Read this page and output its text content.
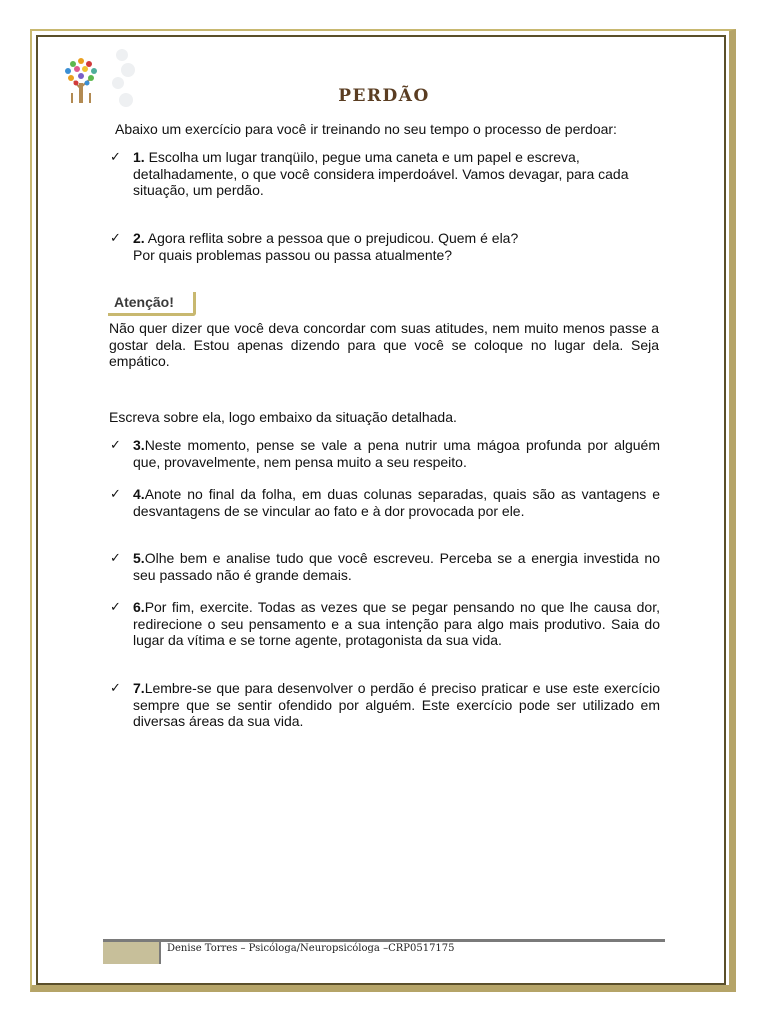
PERDÃO
Abaixo um exercício para você ir treinando no seu tempo o processo de perdoar:
✓ 1. Escolha um lugar tranqüilo, pegue uma caneta e um papel e escreva, detalhadamente, o que você considera imperdoável. Vamos devagar, para cada situação, um perdão.
✓ 2. Agora reflita sobre a pessoa que o prejudicou. Quem é ela?
Por quais problemas passou ou passa atualmente?
Atenção!
Não quer dizer que você deva concordar com suas atitudes, nem muito menos passe a gostar dela. Estou apenas dizendo para que você se coloque no lugar dela. Seja empático.
Escreva sobre ela, logo embaixo da situação detalhada.
✓ 3.Neste momento, pense se vale a pena nutrir uma mágoa profunda por alguém que, provavelmente, nem pensa muito a seu respeito.
✓ 4.Anote no final da folha, em duas colunas separadas, quais são as vantagens e desvantagens de se vincular ao fato e à dor provocada por ele.
✓ 5.Olhe bem e analise tudo que você escreveu. Perceba se a energia investida no seu passado não é grande demais.
✓ 6.Por fim, exercite. Todas as vezes que se pegar pensando no que lhe causa dor, redirecione o seu pensamento e a sua intenção para algo mais produtivo. Saia do lugar da vítima e se torne agente, protagonista da sua vida.
✓ 7.Lembre-se que para desenvolver o perdão é preciso praticar e use este exercício sempre que se sentir ofendido por alguém. Este exercício pode ser utilizado em diversas áreas da sua vida.
Denise Torres – Psicóloga/Neuropsicóloga –CRP0517175
